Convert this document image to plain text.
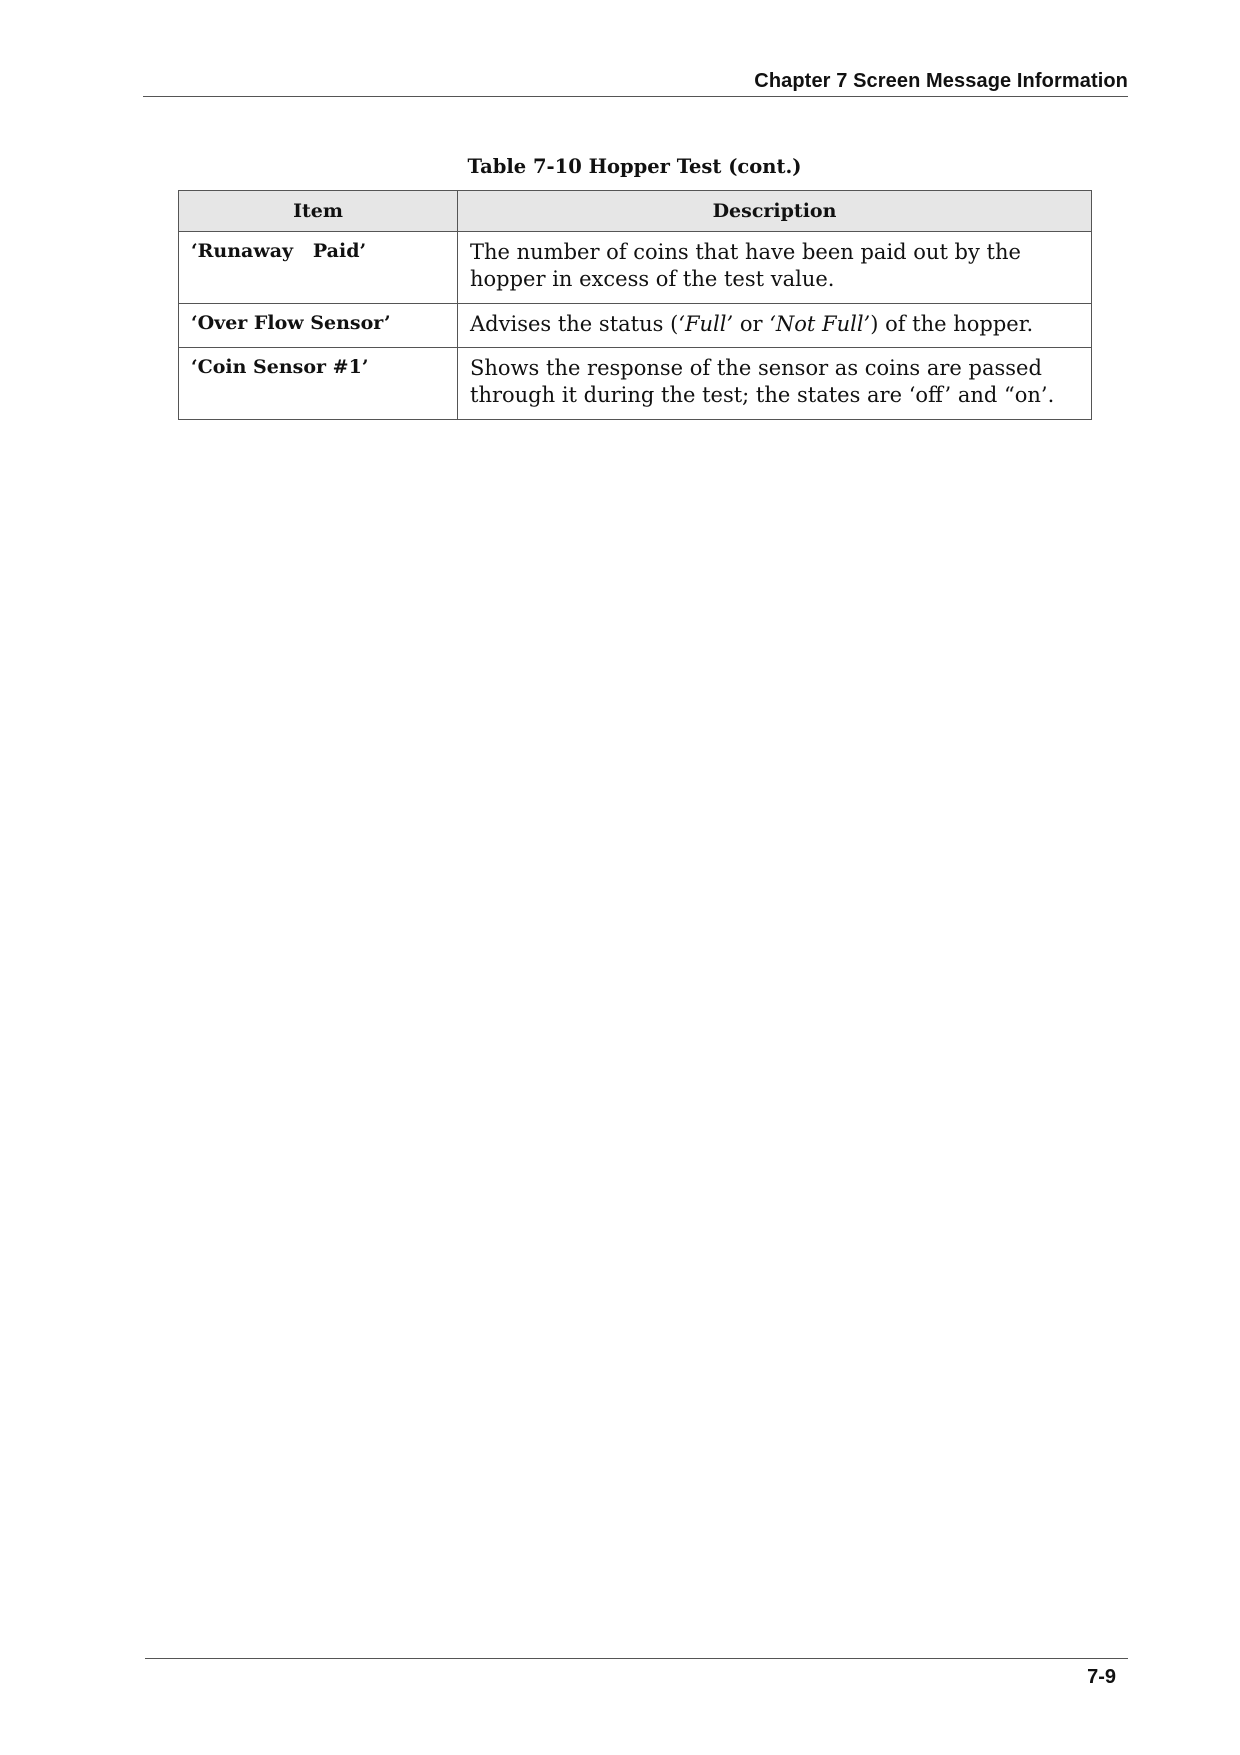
Chapter 7 Screen Message Information
Table 7-10 Hopper Test (cont.)
Item	Description
‘Runaway   Paid’	The number of coins that have been paid out by the hopper in excess of the test value.
‘Over Flow Sensor’	Advises the status (‘Full’ or ‘Not Full’) of the hopper.
‘Coin Sensor #1’	Shows the response of the sensor as coins are passed through it during the test; the states are ‘off’ and “on’.
7-9
